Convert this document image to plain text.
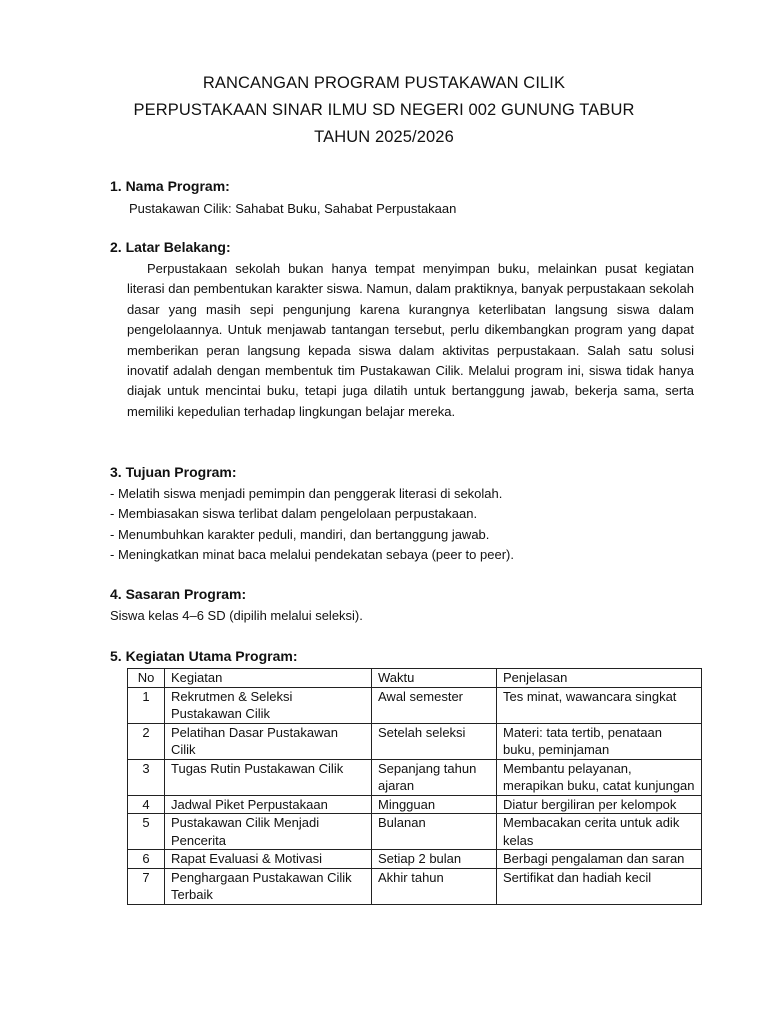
RANCANGAN PROGRAM PUSTAKAWAN CILIK
PERPUSTAKAAN SINAR ILMU SD NEGERI 002 GUNUNG TABUR
TAHUN 2025/2026
1. Nama Program:
Pustakawan Cilik: Sahabat Buku, Sahabat Perpustakaan
2. Latar Belakang:
Perpustakaan sekolah bukan hanya tempat menyimpan buku, melainkan pusat kegiatan literasi dan pembentukan karakter siswa. Namun, dalam praktiknya, banyak perpustakaan sekolah dasar yang masih sepi pengunjung karena kurangnya keterlibatan langsung siswa dalam pengelolaannya. Untuk menjawab tantangan tersebut, perlu dikembangkan program yang dapat memberikan peran langsung kepada siswa dalam aktivitas perpustakaan. Salah satu solusi inovatif adalah dengan membentuk tim Pustakawan Cilik. Melalui program ini, siswa tidak hanya diajak untuk mencintai buku, tetapi juga dilatih untuk bertanggung jawab, bekerja sama, serta memiliki kepedulian terhadap lingkungan belajar mereka.
3. Tujuan Program:
- Melatih siswa menjadi pemimpin dan penggerak literasi di sekolah.
- Membiasakan siswa terlibat dalam pengelolaan perpustakaan.
- Menumbuhkan karakter peduli, mandiri, dan bertanggung jawab.
- Meningkatkan minat baca melalui pendekatan sebaya (peer to peer).
4. Sasaran Program:
Siswa kelas 4–6 SD (dipilih melalui seleksi).
5. Kegiatan Utama Program:
No	Kegiatan	Waktu	Penjelasan
1	Rekrutmen & Seleksi Pustakawan Cilik	Awal semester	Tes minat, wawancara singkat
2	Pelatihan Dasar Pustakawan Cilik	Setelah seleksi	Materi: tata tertib, penataan buku, peminjaman
3	Tugas Rutin Pustakawan Cilik	Sepanjang tahun ajaran	Membantu pelayanan, merapikan buku, catat kunjungan
4	Jadwal Piket Perpustakaan	Mingguan	Diatur bergiliran per kelompok
5	Pustakawan Cilik Menjadi Pencerita	Bulanan	Membacakan cerita untuk adik kelas
6	Rapat Evaluasi & Motivasi	Setiap 2 bulan	Berbagi pengalaman dan saran
7	Penghargaan Pustakawan Cilik Terbaik	Akhir tahun	Sertifikat dan hadiah kecil
